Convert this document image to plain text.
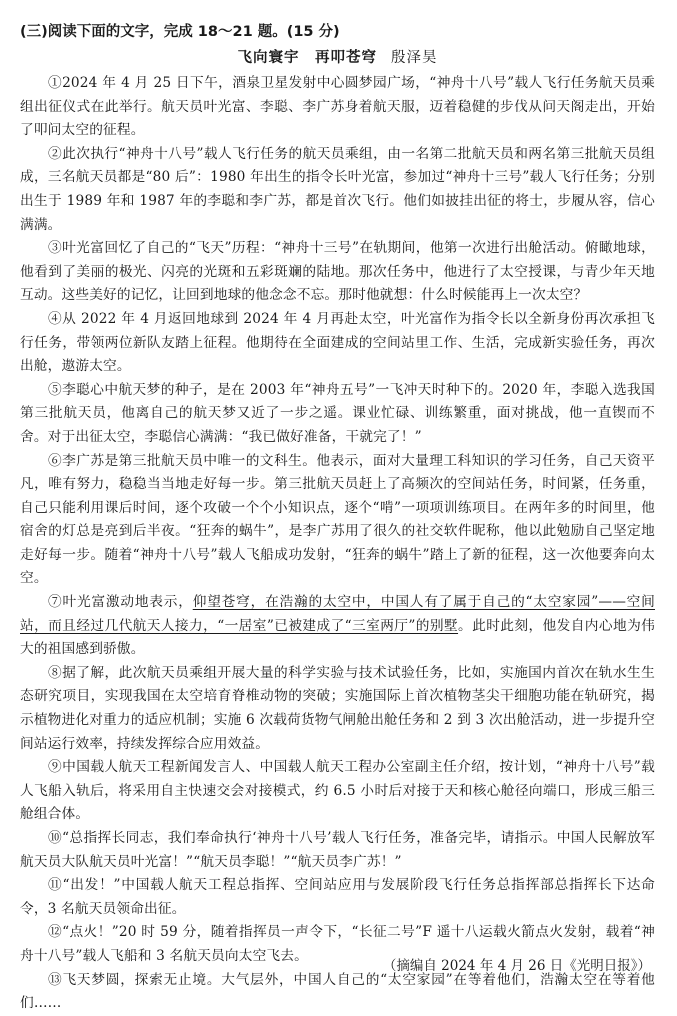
(三)阅读下面的文字，完成 18～21 题。(15 分)
飞向寰宇　再叩苍穹 殷泽昊

①2024 年 4 月 25 日下午，酒泉卫星发射中心圆梦园广场，“神舟十八号”载人飞行任务航天员乘组出征仪式在此举行。航天员叶光富、李聪、李广苏身着航天服，迈着稳健的步伐从问天阁走出，开始了叩问太空的征程。

②此次执行“神舟十八号”载人飞行任务的航天员乘组，由一名第二批航天员和两名第三批航天员组成，三名航天员都是“80 后”：1980 年出生的指令长叶光富，参加过“神舟十三号”载人飞行任务；分别出生于 1989 年和 1987 年的李聪和李广苏，都是首次飞行。他们如披挂出征的将士，步履从容，信心满满。

③叶光富回忆了自己的“飞天”历程：“神舟十三号”在轨期间，他第一次进行出舱活动。俯瞰地球，他看到了美丽的极光、闪亮的光斑和五彩斑斓的陆地。那次任务中，他进行了太空授课，与青少年天地互动。这些美好的记忆，让回到地球的他念念不忘。那时他就想：什么时候能再上一次太空？

④从 2022 年 4 月返回地球到 2024 年 4 月再赴太空，叶光富作为指令长以全新身份再次承担飞行任务，带领两位新队友踏上征程。他期待在全面建成的空间站里工作、生活，完成新实验任务，再次出舱，遨游太空。

⑤李聪心中航天梦的种子，是在 2003 年“神舟五号”一飞冲天时种下的。2020 年，李聪入选我国第三批航天员，他离自己的航天梦又近了一步之遥。课业忙碌、训练繁重，面对挑战，他一直锲而不舍。对于出征太空，李聪信心满满：“我已做好准备，干就完了！”

⑥李广苏是第三批航天员中唯一的文科生。他表示，面对大量理工科知识的学习任务，自己天资平凡，唯有努力，稳稳当当地走好每一步。第三批航天员赶上了高频次的空间站任务，时间紧，任务重，自己只能利用课后时间，逐个攻破一个个小知识点，逐个“啃”一项项训练项目。在两年多的时间里，他宿舍的灯总是亮到后半夜。“狂奔的蜗牛”，是李广苏用了很久的社交软件昵称，他以此勉励自己坚定地走好每一步。随着“神舟十八号”载人飞船成功发射，“狂奔的蜗牛”踏上了新的征程，这一次他要奔向太空。

⑦叶光富激动地表示，仰望苍穹，在浩瀚的太空中，中国人有了属于自己的“太空家园”——空间站，而且经过几代航天人接力，“一居室”已被建成了“三室两厅”的别墅。此时此刻，他发自内心地为伟大的祖国感到骄傲。

⑧据了解，此次航天员乘组开展大量的科学实验与技术试验任务，比如，实施国内首次在轨水生生态研究项目，实现我国在太空培育脊椎动物的突破；实施国际上首次植物茎尖干细胞功能在轨研究，揭示植物进化对重力的适应机制；实施 6 次载荷货物气闸舱出舱任务和 2 到 3 次出舱活动，进一步提升空间站运行效率，持续发挥综合应用效益。

⑨中国载人航天工程新闻发言人、中国载人航天工程办公室副主任介绍，按计划，“神舟十八号”载人飞船入轨后，将采用自主快速交会对接模式，约 6.5 小时后对接于天和核心舱径向端口，形成三船三舱组合体。

⑩“总指挥长同志，我们奉命执行‘神舟十八号’载人飞行任务，准备完毕，请指示。中国人民解放军航天员大队航天员叶光富！”“航天员李聪！”“航天员李广苏！”

⑪“出发！”中国载人航天工程总指挥、空间站应用与发展阶段飞行任务总指挥部总指挥长下达命令，3 名航天员领命出征。

⑫“点火！”20 时 59 分，随着指挥员一声令下，“长征二号”F 遥十八运载火箭点火发射，载着“神舟十八号”载人飞船和 3 名航天员向太空飞去。

⑬飞天梦圆，探索无止境。大气层外，中国人自己的“太空家园”在等着他们，浩瀚太空在等着他们……

（摘编自 2024 年 4 月 26 日《光明日报》）
